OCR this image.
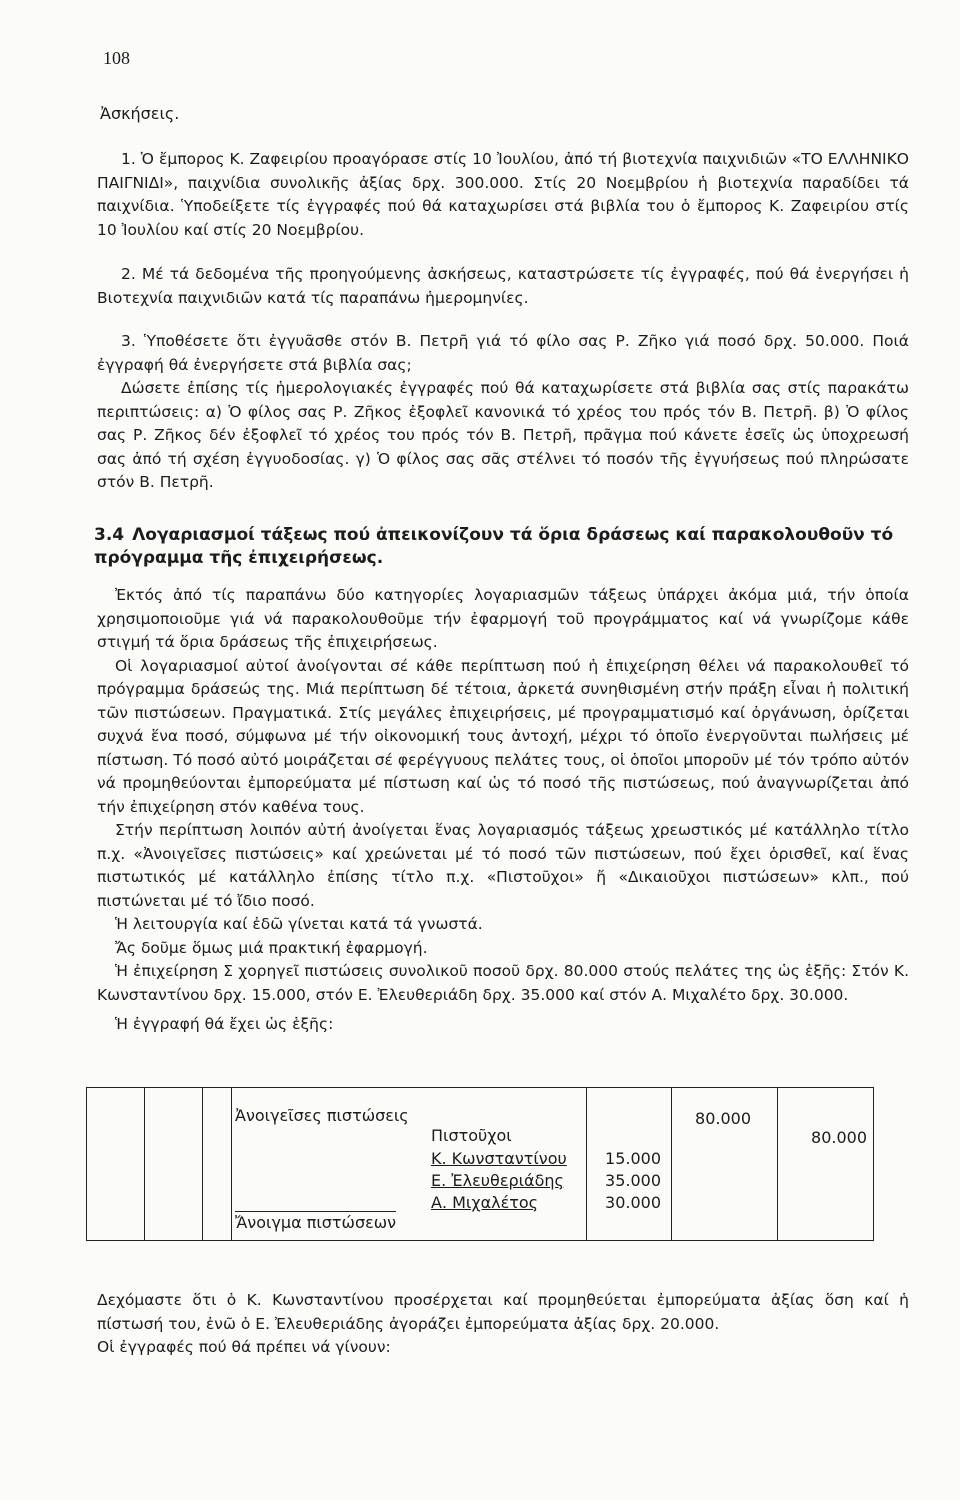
108
Ἀσκήσεις.

1. Ὁ ἔμπορος Κ. Ζαφειρίου προαγόρασε στίς 10 Ἰουλίου, ἀπό τή βιοτεχνία παιχνιδιῶν «ΤΟ ΕΛΛΗΝΙΚΟ ΠΑΙΓΝΙΔΙ», παιχνίδια συνολικῆς ἀξίας δρχ. 300.000. Στίς 20 Νοεμβρίου ἡ βιοτεχνία παραδίδει τά παιχνίδια. Ὑποδείξετε τίς ἐγγραφές πού θά καταχωρίσει στά βιβλία του ὁ ἔμπορος Κ. Ζαφειρίου στίς 10 Ἰουλίου καί στίς 20 Νοεμβρίου.

2. Μέ τά δεδομένα τῆς προηγούμενης ἀσκήσεως, καταστρώσετε τίς ἐγγραφές, πού θά ἐνεργήσει ἡ Βιοτεχνία παιχνιδιῶν κατά τίς παραπάνω ἡμερομηνίες.

3. Ὑποθέσετε ὅτι ἐγγυᾶσθε στόν Β. Πετρῆ γιά τό φίλο σας Ρ. Ζῆκο γιά ποσό δρχ. 50.000. Ποιά ἐγγραφή θά ἐνεργήσετε στά βιβλία σας;

Δώσετε ἐπίσης τίς ἡμερολογιακές ἐγγραφές πού θά καταχωρίσετε στά βιβλία σας στίς παρακάτω περιπτώσεις: α) Ὁ φίλος σας Ρ. Ζῆκος ἐξοφλεῖ κανονικά τό χρέος του πρός τόν Β. Πετρῆ. β) Ὁ φίλος σας Ρ. Ζῆκος δέν ἐξοφλεῖ τό χρέος του πρός τόν Β. Πετρῆ, πρᾶγμα πού κάνετε ἐσεῖς ὡς ὑποχρεωσή σας ἀπό τή σχέση ἐγγυοδοσίας. γ) Ὁ φίλος σας σᾶς στέλνει τό ποσόν τῆς ἐγγυήσεως πού πληρώσατε στόν Β. Πετρῆ.

3.4 Λογαριασμοί τάξεως πού ἀπεικονίζουν τά ὅρια δράσεως καί παρακολουθοῦν τό πρόγραμμα τῆς ἐπιχειρήσεως.

Ἐκτός ἀπό τίς παραπάνω δύο κατηγορίες λογαριασμῶν τάξεως ὑπάρχει ἀκόμα μιά, τήν ὁποία χρησιμοποιοῦμε γιά νά παρακολουθοῦμε τήν ἐφαρμογή τοῦ προγράμματος καί νά γνωρίζομε κάθε στιγμή τά ὅρια δράσεως τῆς ἐπιχειρήσεως.

Οἱ λογαριασμοί αὐτοί ἀνοίγονται σέ κάθε περίπτωση πού ἡ ἐπιχείρηση θέλει νά παρακολουθεῖ τό πρόγραμμα δράσεώς της. Μιά περίπτωση δέ τέτοια, ἀρκετά συνηθισμένη στήν πράξη εἶναι ἡ πολιτική τῶν πιστώσεων. Πραγματικά. Στίς μεγάλες ἐπιχειρήσεις, μέ προγραμματισμό καί ὀργάνωση, ὁρίζεται συχνά ἕνα ποσό, σύμφωνα μέ τήν οἰκονομική τους ἀντοχή, μέχρι τό ὁποῖο ἐνεργοῦνται πωλήσεις μέ πίστωση. Τό ποσό αὐτό μοιράζεται σέ φερέγγυους πελάτες τους, οἱ ὁποῖοι μποροῦν μέ τόν τρόπο αὐτόν νά προμηθεύονται ἐμπορεύματα μέ πίστωση καί ὡς τό ποσό τῆς πιστώσεως, πού ἀναγνωρίζεται ἀπό τήν ἐπιχείρηση στόν καθένα τους.

Στήν περίπτωση λοιπόν αὐτή ἀνοίγεται ἕνας λογαριασμός τάξεως χρεωστικός μέ κατάλληλο τίτλο π.χ. «Ἀνοιγεῖσες πιστώσεις» καί χρεώνεται μέ τό ποσό τῶν πιστώσεων, πού ἔχει ὁρισθεῖ, καί ἕνας πιστωτικός μέ κατάλληλο ἐπίσης τίτλο π.χ. «Πιστοῦχοι» ἤ «Δικαιοῦχοι πιστώσεων» κλπ., πού πιστώνεται μέ τό ἴδιο ποσό.

Ἡ λειτουργία καί ἐδῶ γίνεται κατά τά γνωστά.

Ἄς δοῦμε ὅμως μιά πρακτική ἐφαρμογή.

Ἡ ἐπιχείρηση Σ χορηγεῖ πιστώσεις συνολικοῦ ποσοῦ δρχ. 80.000 στούς πελάτες της ὡς ἑξῆς: Στόν Κ. Κωνσταντίνου δρχ. 15.000, στόν Ε. Ἐλευθεριάδη δρχ. 35.000 καί στόν Α. Μιχαλέτο δρχ. 30.000.

Ἡ ἐγγραφή θά ἔχει ὡς ἑξῆς:

Ἀνοιγεῖσες πιστώσεις
Πιστοῦχοι
Κ. Κωνσταντίνου
Ε. Ἐλευθεριάδης
Α. Μιχαλέτος
15.000
35.000
30.000
80.000
80.000
Ἄνοιγμα πιστώσεων

Δεχόμαστε ὅτι ὁ Κ. Κωνσταντίνου προσέρχεται καί προμηθεύεται ἐμπορεύματα ἀξίας ὅση καί ἡ πίστωσή του, ἐνῶ ὁ Ε. Ἐλευθεριάδης ἀγοράζει ἐμπορεύματα ἀξίας δρχ. 20.000.

Οἱ ἐγγραφές πού θά πρέπει νά γίνουν:
